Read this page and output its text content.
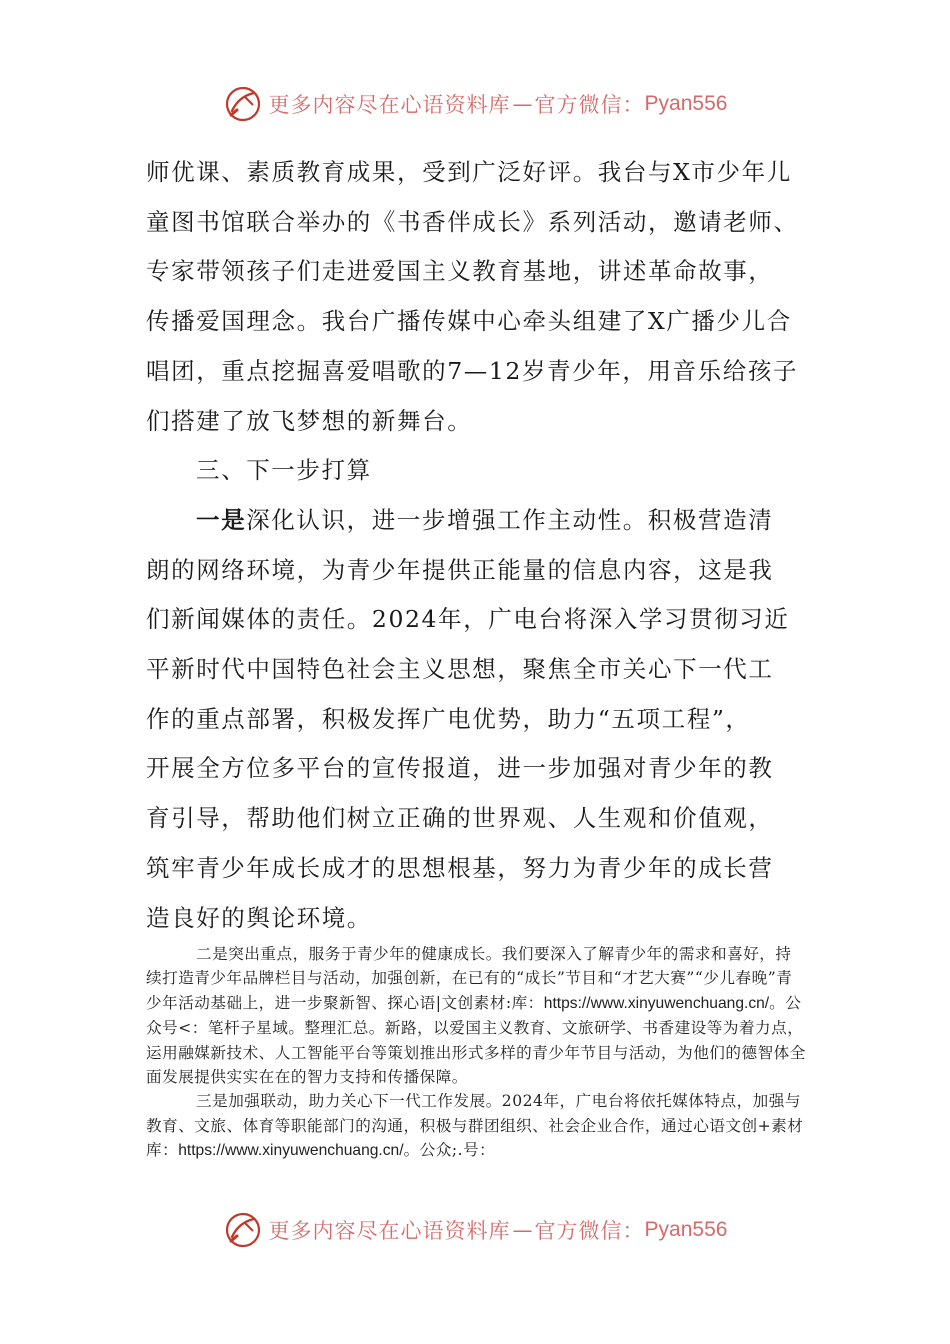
更多内容尽在心语资料库 — 官方微信： Pyan556

师优课、素质教育成果，受到广泛好评。我台与X市少年儿

童图书馆联合举办的《书香伴成长》系列活动，邀请老师、

专家带领孩子们走进爱国主义教育基地，讲述革命故事，

传播爱国理念。我台广播传媒中心牵头组建了X广播少儿合

唱团，重点挖掘喜爱唱歌的7—12岁青少年，用音乐给孩子

们搭建了放飞梦想的新舞台。

三、下一步打算

一是深化认识，进一步增强工作主动性。积极营造清

朗的网络环境，为青少年提供正能量的信息内容，这是我

们新闻媒体的责任。2024年，广电台将深入学习贯彻习近

平新时代中国特色社会主义思想，聚焦全市关心下一代工

作的重点部署，积极发挥广电优势，助力“五项工程”，

开展全方位多平台的宣传报道，进一步加强对青少年的教

育引导，帮助他们树立正确的世界观、人生观和价值观，

筑牢青少年成长成才的思想根基，努力为青少年的成长营

造良好的舆论环境。

二是突出重点，服务于青少年的健康成长。我们要深入了解青少年的需求和喜好，持续打造青少年品牌栏目与活动，加强创新，在已有的“成长”节目和“才艺大赛”“少儿春晚”青少年活动基础上，进一步聚新智、探心语|文创素材:库：https://www.xinyuwenchuang.cn/。公众号<：笔杆子星域。整理汇总。新路，以爱国主义教育、文旅研学、书香建设等为着力点，运用融媒新技术、人工智能平台等策划推出形式多样的青少年节目与活动，为他们的德智体全面发展提供实实在在的智力支持和传播保障。

三是加强联动，助力关心下一代工作发展。2024年，广电台将依托媒体特点，加强与教育、文旅、体育等职能部门的沟通，积极与群团组织、社会企业合作，通过心语文创+素材库：https://www.xinyuwenchuang.cn/。公众;.号：

更多内容尽在心语资料库 — 官方微信： Pyan556
